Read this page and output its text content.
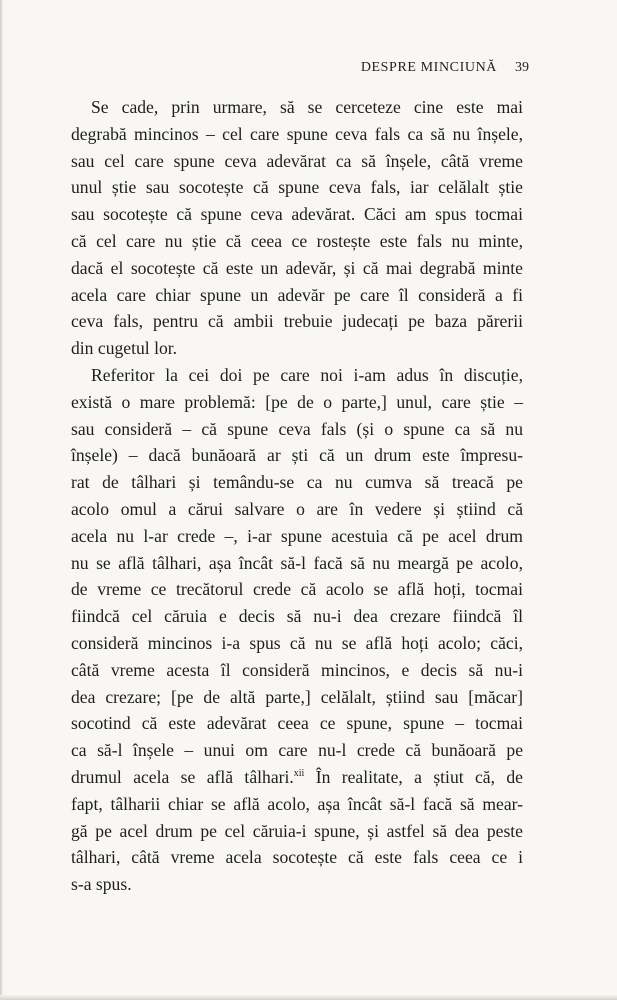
DESPRE MINCIUNĂ 39
Se cade, prin urmare, să se cerceteze cine este mai
degrabă mincinos – cel care spune ceva fals ca să nu înșele,
sau cel care spune ceva adevărat ca să înșele, câtă vreme
unul știe sau socotește că spune ceva fals, iar celălalt știe
sau socotește că spune ceva adevărat. Căci am spus tocmai
că cel care nu știe că ceea ce rostește este fals nu minte,
dacă el socotește că este un adevăr, și că mai degrabă minte
acela care chiar spune un adevăr pe care îl consideră a fi
ceva fals, pentru că ambii trebuie judecați pe baza părerii
din cugetul lor.
Referitor la cei doi pe care noi i-am adus în discuție,
există o mare problemă: [pe de o parte,] unul, care știe –
sau consideră – că spune ceva fals (și o spune ca să nu
înșele) – dacă bunăoară ar ști că un drum este împresu-
rat de tâlhari și temându-se ca nu cumva să treacă pe
acolo omul a cărui salvare o are în vedere și știind că
acela nu l-ar crede –, i-ar spune acestuia că pe acel drum
nu se află tâlhari, așa încât să-l facă să nu meargă pe acolo,
de vreme ce trecătorul crede că acolo se află hoți, tocmai
fiindcă cel căruia e decis să nu-i dea crezare fiindcă îl
consideră mincinos i-a spus că nu se află hoți acolo; căci,
câtă vreme acesta îl consideră mincinos, e decis să nu-i
dea crezare; [pe de altă parte,] celălalt, știind sau [măcar]
socotind că este adevărat ceea ce spune, spune – tocmai
ca să-l înșele – unui om care nu-l crede că bunăoară pe
drumul acela se află tâlhari.$^{xii}$ În realitate, a știut că, de
fapt, tâlharii chiar se află acolo, așa încât să-l facă să mear-
gă pe acel drum pe cel căruia-i spune, și astfel să dea peste
tâlhari, câtă vreme acela socotește că este fals ceea ce i
s-a spus.
